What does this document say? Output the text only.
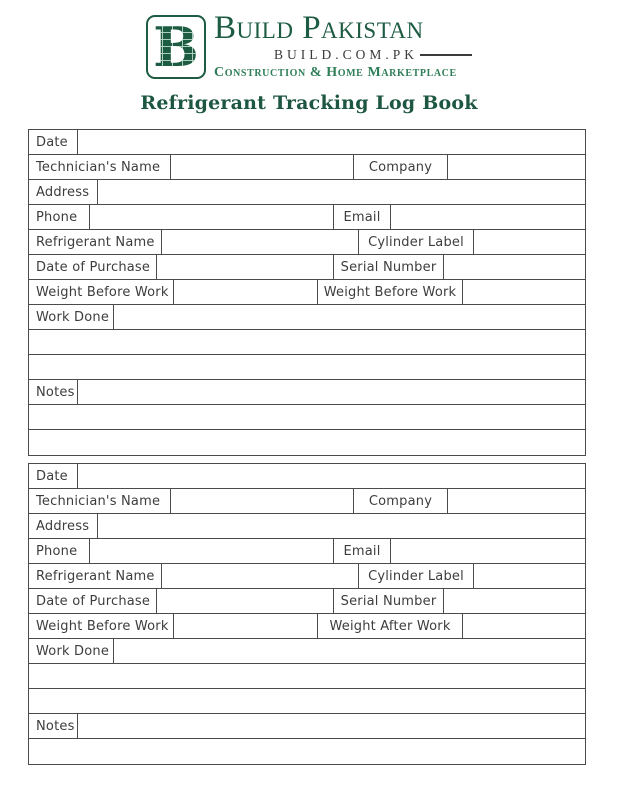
B Build Pakistan
BUILD.COM.PK
Construction & Home Marketplace
Refrigerant Tracking Log Book
Date
Technician's Name	Company
Address
Phone	Email
Refrigerant Name	Cylinder Label
Date of Purchase	Serial Number
Weight Before Work	Weight Before Work
Work Done
Notes
Date
Technician's Name	Company
Address
Phone	Email
Refrigerant Name	Cylinder Label
Date of Purchase	Serial Number
Weight Before Work	Weight After Work
Work Done
Notes
